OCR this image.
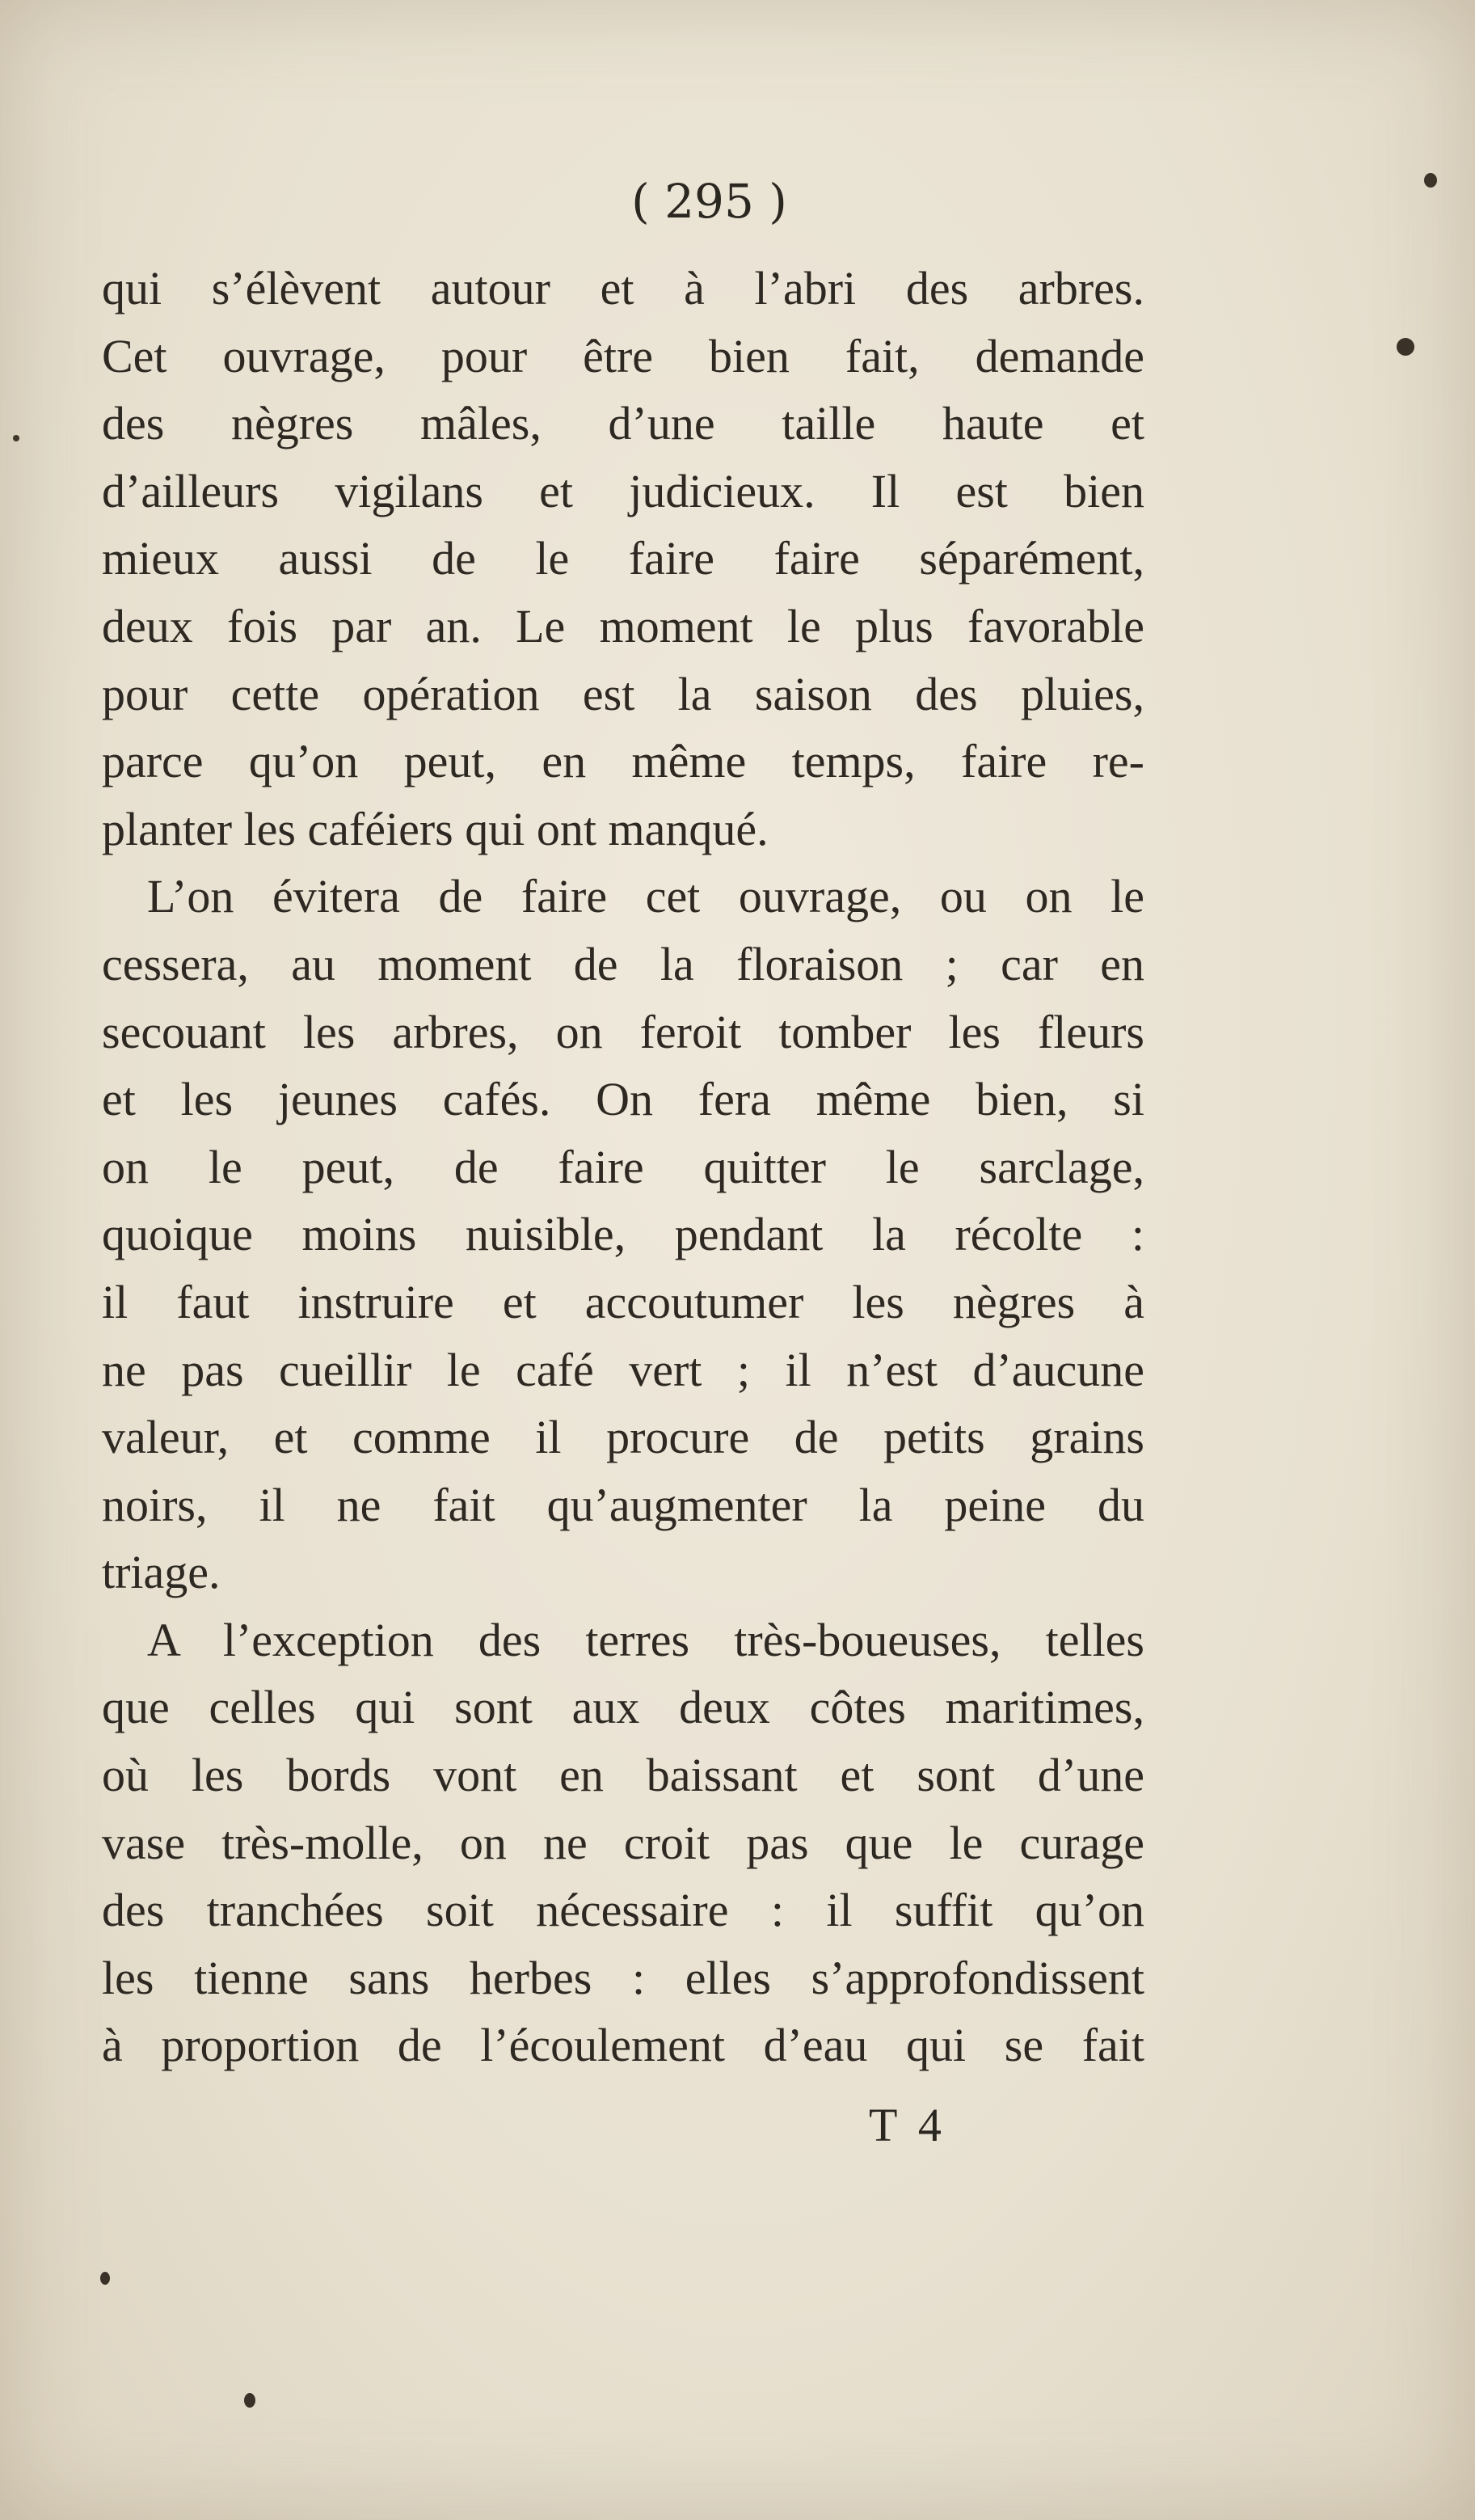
( 295 )
qui s’élèvent autour et à l’abri des arbres.
Cet ouvrage, pour être bien fait, demande
des nègres mâles, d’une taille haute et
d’ailleurs vigilans et judicieux. Il est bien
mieux aussi de le faire faire séparément,
deux fois par an. Le moment le plus favorable
pour cette opération est la saison des pluies,
parce qu’on peut, en même temps, faire re-
planter les caféiers qui ont manqué.
L’on évitera de faire cet ouvrage, ou on le
cessera, au moment de la floraison ; car en
secouant les arbres, on feroit tomber les fleurs
et les jeunes cafés. On fera même bien, si
on le peut, de faire quitter le sarclage,
quoique moins nuisible, pendant la récolte :
il faut instruire et accoutumer les nègres à
ne pas cueillir le café vert ; il n’est d’aucune
valeur, et comme il procure de petits grains
noirs, il ne fait qu’augmenter la peine du
triage.
A l’exception des terres très-boueuses, telles
que celles qui sont aux deux côtes maritimes,
où les bords vont en baissant et sont d’une
vase très-molle, on ne croit pas que le curage
des tranchées soit nécessaire : il suffit qu’on
les tienne sans herbes : elles s’approfondissent
à proportion de l’écoulement d’eau qui se fait
T 4
